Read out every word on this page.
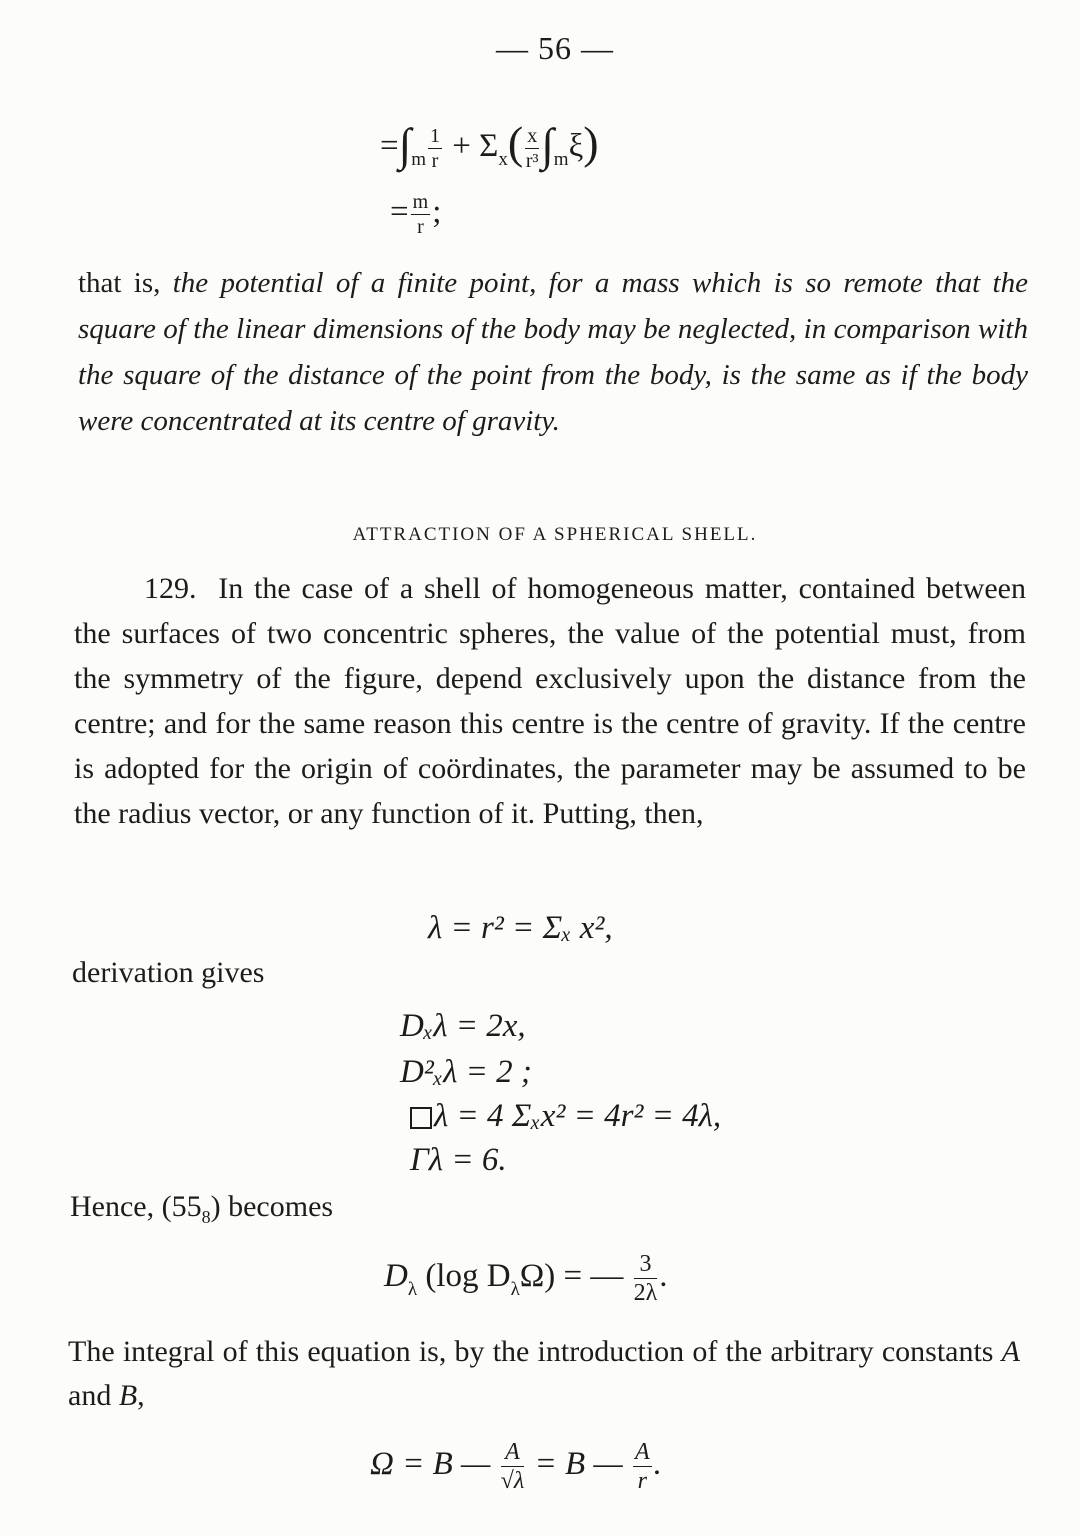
— 56 —
$=\int_m \frac{1}{r} + \Sigma_x( \frac{x}{\text{r³}} \int_m\xi)$
= $\frac{m}{r}$ ;

that is, the potential of a finite point, for a mass which is so remote that the square of the linear dimensions of the body may be neglected, in comparison with the square of the distance of the point from the body, is the same as if the body were concentrated at its centre of gravity.

ATTRACTION OF A SPHERICAL SHELL.

129. In the case of a shell of homogeneous matter, contained between the surfaces of two concentric spheres, the value of the potential must, from the symmetry of the figure, depend exclusively upon the distance from the centre; and for the same reason this centre is the centre of gravity. If the centre is adopted for the origin of coördinates, the parameter may be assumed to be the radius vector, or any function of it. Putting, then,

λ = r² = Σₓ x²,
derivation gives
Dₓλ = 2x,
D²ₓλ = 2 ;
λ = 4 Σₓx² = 4r² = 4λ,
Γλ = 6.
Hence, $(55_8)$ becomes
$D_\lambda$ (log $D_\lambda\Omega$) = — $\frac{3}{2\lambda}$ .

The integral of this equation is, by the introduction of the arbitrary constants A and B,

Ω = B — $\frac{A}{√\lambda} = B$ — $\frac{A}{r}$ .
